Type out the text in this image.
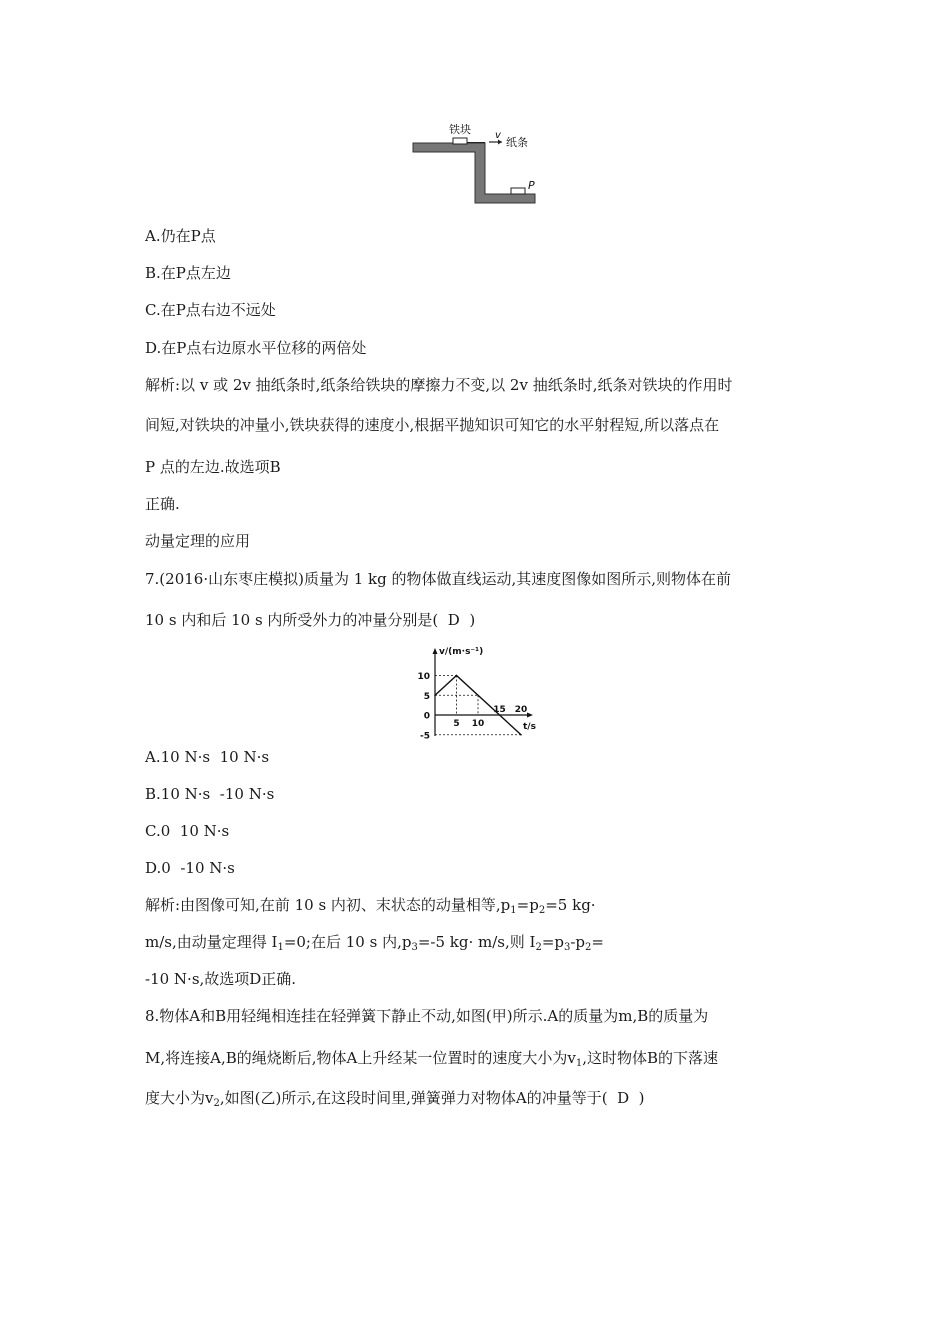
铁块 v
纸条
P
A.仍在P点
B.在P点左边
C.在P点右边不远处
D.在P点右边原水平位移的两倍处
解析:以 v 或 2v 抽纸条时,纸条给铁块的摩擦力不变,以 2v 抽纸条时,纸条对铁块的作用时
间短,对铁块的冲量小,铁块获得的速度小,根据平抛知识可知它的水平射程短,所以落点在
P 点的左边.故选项B
正确.
动量定理的应用
7.(2016·山东枣庄模拟)质量为 1 kg 的物体做直线运动,其速度图像如图所示,则物体在前
10 s 内和后 10 s 内所受外力的冲量分别是(  D  )
v/(m·s⁻¹)
t/s
10
5
0
-5
5 10
15 20
A.10 N·s  10 N·s
B.10 N·s  -10 N·s
C.0  10 N·s
D.0  -10 N·s
解析:由图像可知,在前 10 s 内初、末状态的动量相等$,p_1=p_2=5$ kg·
m/s,由动量定理得 $I_1=0$;在后 10 s 内$,p_3=-5$ kg· m/s,则 $I_2=p_3-p_2=$
-10 N·s,故选项D正确.
8.物体A和B用轻绳相连挂在轻弹簧下静止不动,如图(甲)所示.A的质量为m,B的质量为
M,将连接A,B的绳烧断后,物体A上升经某一位置时的速度大小为$v_1$,这时物体B的下落速
度大小为$v_2$,如图(乙)所示,在这段时间里,弹簧弹力对物体A的冲量等于(  D  )
